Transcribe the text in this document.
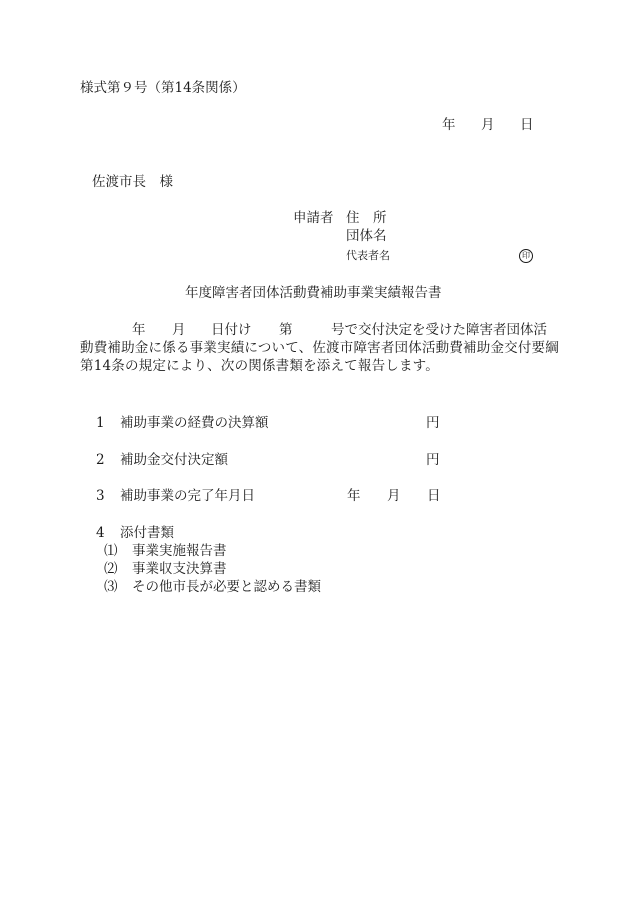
様式第９号（第14条関係）
年 月 日
佐渡市長　様
申請者 住　所
団体名
代表者名	印
年度障害者団体活動費補助事業実績報告書
年 月 日付け 第	号で交付決定を受けた障害者団体活
動費補助金に係る事業実績について、佐渡市障害者団体活動費補助金交付要綱
第14条の規定により、次の関係書類を添えて報告します。
1 補助事業の経費の決算額	円
2 補助金交付決定額	円
3 補助事業の完了年月日	年 月 日
4 添付書類
⑴ 事業実施報告書
⑵ 事業収支決算書
⑶ その他市長が必要と認める書類
